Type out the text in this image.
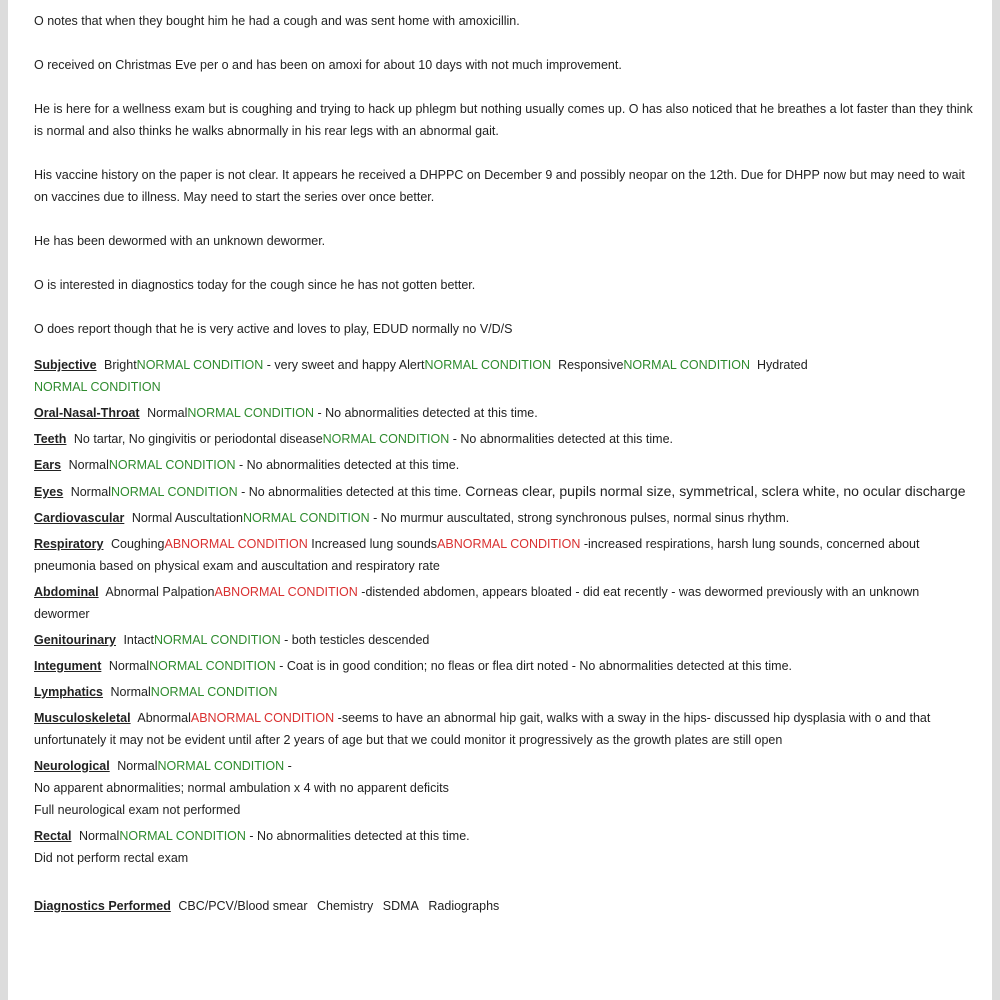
O notes that when they bought him he had a cough and was sent home with amoxicillin.

O received on Christmas Eve per o and has been on amoxi for about 10 days with not much improvement.

He is here for a wellness exam but is coughing and trying to hack up phlegm but nothing usually comes up. O has also noticed that he breathes a lot faster than they think is normal and also thinks he walks abnormally in his rear legs with an abnormal gait.

His vaccine history on the paper is not clear. It appears he received a DHPPC on December 9 and possibly neopar on the 12th. Due for DHPP now but may need to wait on vaccines due to illness. May need to start the series over once better.

He has been dewormed with an unknown dewormer.

O is interested in diagnostics today for the cough since he has not gotten better.

O does report though that he is very active and loves to play, EDUD normally no V/D/S

Subjective BrightNORMAL CONDITION - very sweet and happy AlertNORMAL CONDITION ResponsiveNORMAL CONDITION Hydrated
NORMAL CONDITION
Oral-Nasal-Throat NormalNORMAL CONDITION - No abnormalities detected at this time.
Teeth No tartar, No gingivitis or periodontal diseaseNORMAL CONDITION - No abnormalities detected at this time.
Ears NormalNORMAL CONDITION - No abnormalities detected at this time.
Eyes NormalNORMAL CONDITION - No abnormalities detected at this time. Corneas clear, pupils normal size, symmetrical, sclera white, no ocular discharge
Cardiovascular Normal AuscultationNORMAL CONDITION - No murmur auscultated, strong synchronous pulses, normal sinus rhythm.
Respiratory CoughingABNORMAL CONDITION Increased lung soundsABNORMAL CONDITION -increased respirations, harsh lung sounds, concerned about pneumonia based on physical exam and auscultation and respiratory rate
Abdominal Abnormal PalpationABNORMAL CONDITION -distended abdomen, appears bloated - did eat recently - was dewormed previously with an unknown dewormer
Genitourinary IntactNORMAL CONDITION - both testicles descended
Integument NormalNORMAL CONDITION - Coat is in good condition; no fleas or flea dirt noted - No abnormalities detected at this time.
Lymphatics NormalNORMAL CONDITION
Musculoskeletal AbnormalABNORMAL CONDITION -seems to have an abnormal hip gait, walks with a sway in the hips- discussed hip dysplasia with o and that unfortunately it may not be evident until after 2 years of age but that we could monitor it progressively as the growth plates are still open
Neurological NormalNORMAL CONDITION -
No apparent abnormalities; normal ambulation x 4 with no apparent deficits
Full neurological exam not performed
Rectal NormalNORMAL CONDITION - No abnormalities detected at this time.
Did not perform rectal exam
Diagnostics Performed CBC/PCV/Blood smear Chemistry SDMA Radiographs
